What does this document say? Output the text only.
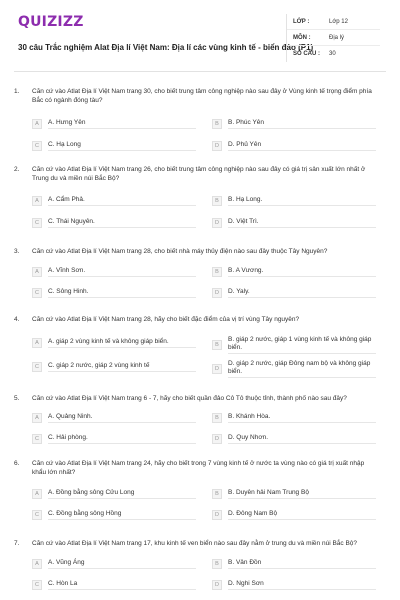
QUIZIZZ
30 câu Trắc nghiệm Alat Địa lí Việt Nam: Địa lí các vùng kinh tế - biển đảo (P1)
LỚP :	Lớp 12
MÔN :	Địa lý
SỐ CÂU :	30
1.	Căn cứ vào Atlat Địa lí Việt Nam trang 30, cho biết trung tâm công nghiệp nào sau đây ở Vùng kinh tế trọng điểm phía Bắc có ngành đóng tàu?
A	A. Hưng Yên	B	B. Phúc Yên
C	C. Hạ Long	D	D. Phủ Yên
2.	Căn cứ vào Atlat Địa lí Việt Nam trang 26, cho biết trung tâm công nghiệp nào sau đây có giá trị sản xuất lớn nhất ở Trung du và miền núi Bắc Bộ?
A	A. Cẩm Phả.	B	B. Hạ Long.
C	C. Thái Nguyên.	D	D. Việt Trì.
3.	Căn cứ vào Atlat Địa lí Việt Nam trang 28, cho biết nhà máy thủy điện nào sau đây thuộc Tây Nguyên?
A	A. Vĩnh Sơn.	B	B. A Vương.
C	C. Sông Hinh.	D	D. Yaly.
4.	Căn cứ vào Atlat Địa lí Việt Nam trang 28, hãy cho biết đặc điểm của vị trí vùng Tây nguyên?
A	A. giáp 2 vùng kinh tế và không giáp biển.	B
B. giáp 2 nước, giáp 1 vùng kinh tế và không giáp biển.
C	C. giáp 2 nước, giáp 2 vùng kinh tế	D
D. giáp 2 nước, giáp Đông nam bộ và không giáp biển.
5.	Căn cứ vào Atlat Địa lí Việt Nam trang 6 - 7, hãy cho biết quần đảo Cô Tô thuộc tỉnh, thành phố nào sau đây?
A	A. Quảng Ninh.	B	B. Khánh Hòa.
C	C. Hải phòng.	D	D. Quy Nhơn.
6.	Căn cứ vào Atlat Địa lí Việt Nam trang 24, hãy cho biết trong 7 vùng kinh tế ở nước ta vùng nào có giá trị xuất nhập khẩu lớn nhất?
A	A. Đồng bằng sông Cửu Long	B	B. Duyên hải Nam Trung Bộ
C	C. Đồng bằng sông Hồng	D	D. Đông Nam Bộ
7.	Căn cứ vào Atlat Địa lí Việt Nam trang 17, khu kinh tế ven biển nào sau đây nằm ở trung du và miền núi Bắc Bộ?
A	A. Vũng Áng	B	B. Vân Đồn
C	C. Hòn La	D	D. Nghi Sơn
